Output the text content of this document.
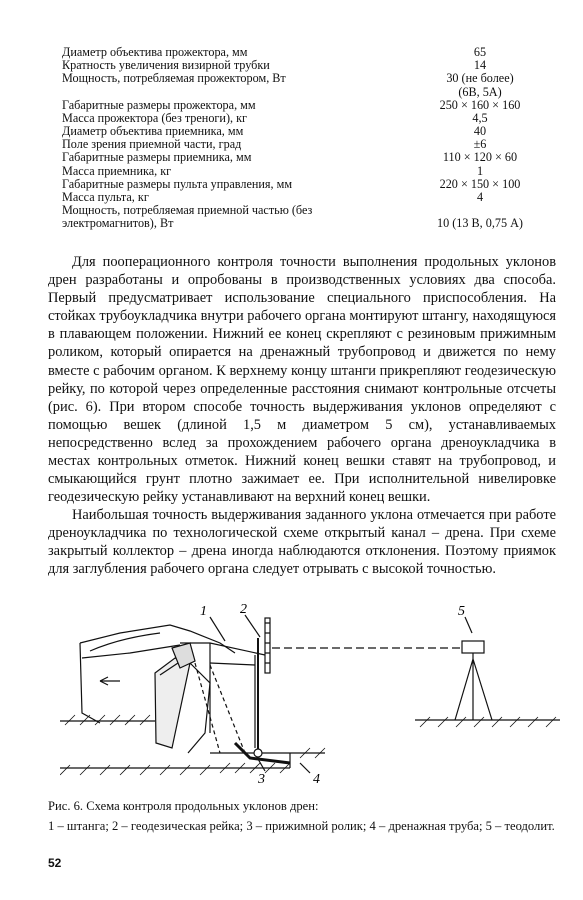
Диаметр объектива прожектора, мм	65
Кратность увеличения визирной трубки	14
Мощность, потребляемая прожектором, Вт	30 (не более)
(6В, 5А)
Габаритные размеры прожектора, мм	250 × 160 × 160
Масса прожектора (без треноги), кг	4,5
Диаметр объектива приемника, мм	40
Поле зрения приемной части, град	±6
Габаритные размеры приемника, мм	110 × 120 × 60
Масса приемника, кг	1
Габаритные размеры пульта управления, мм	220 × 150 × 100
Масса пульта, кг	4
Мощность, потребляемая приемной частью (без
электромагнитов), Вт	10 (13 В, 0,75 А)

Для пооперационного контроля точности выполнения продольных уклонов дрен разработаны и опробованы в производственных условиях два способа. Первый предусматривает использование специального приспособления. На стойках трубоукладчика внутри рабочего органа монтируют штангу, находящуюся в плавающем положении. Нижний ее конец скрепляют с резиновым прижимным роликом, который опирается на дренажный трубопровод и движется по нему вместе с рабочим органом. К верхнему концу штанги прикрепляют геодезическую рейку, по которой через определенные расстояния снимают контрольные отсчеты (рис. 6). При втором способе точность выдерживания уклонов определяют с помощью вешек (длиной 1,5 м диаметром 5 см), устанавливаемых непосредственно вслед за прохождением рабочего органа дреноукладчика в местах контрольных отметок. Нижний конец вешки ставят на трубопровод, и смыкающийся грунт плотно зажимает ее. При исполнительной нивелировке геодезическую рейку устанавливают на верхний конец вешки.

Наибольшая точность выдерживания заданного уклона отмечается при работе дреноукладчика по технологической схеме открытый канал – дрена. При схеме закрытый коллектор – дрена иногда наблюдаются отклонения. Поэтому приямок для заглубления рабочего органа следует отрывать с высокой точностью.

1 2
3	4
5
Рис. 6. Схема контроля продольных уклонов дрен:
1 – штанга; 2 – геодезическая рейка; 3 – прижимной ролик; 4 – дренажная труба; 5 – теодолит.
52
